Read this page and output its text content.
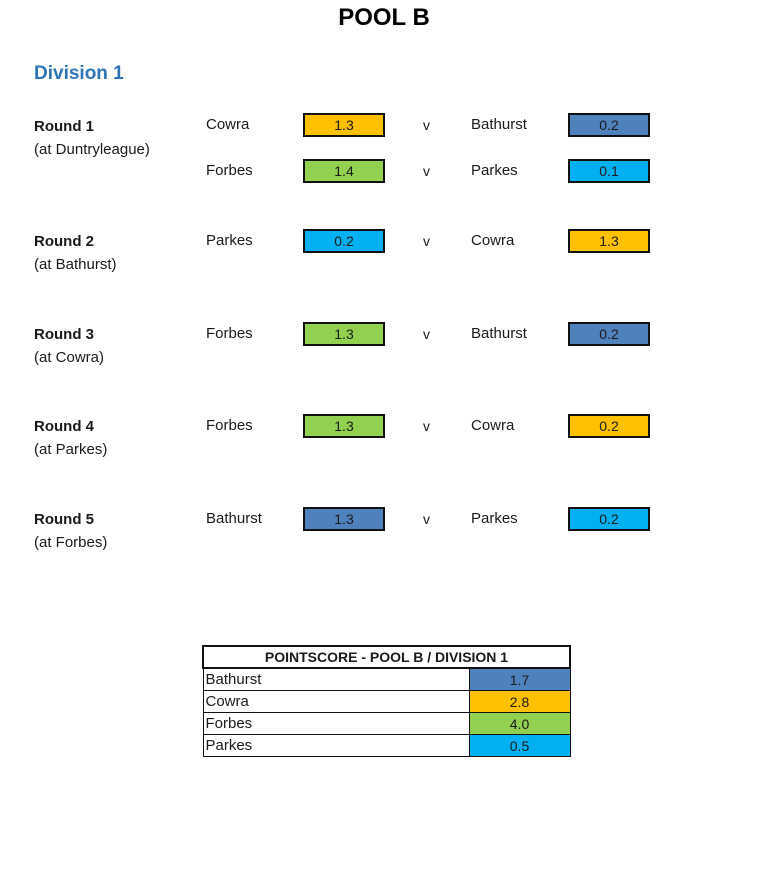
POOL B
Division 1
Round 1
(at Duntryleague)
Cowra	1.3	v	Bathurst	0.2
Forbes	1.4	v	Parkes	0.1
Round 2
(at Bathurst)
Parkes	0.2	v	Cowra	1.3
Round 3
(at Cowra)
Forbes	1.3	v	Bathurst	0.2
Round 4
(at Parkes)
Forbes	1.3	v	Cowra	0.2
Round 5
(at Forbes)
Bathurst	1.3	v	Parkes	0.2
POINTSCORE - POOL B / DIVISION 1	
Bathurst	1.7
Cowra	2.8
Forbes	4.0
Parkes	0.5
